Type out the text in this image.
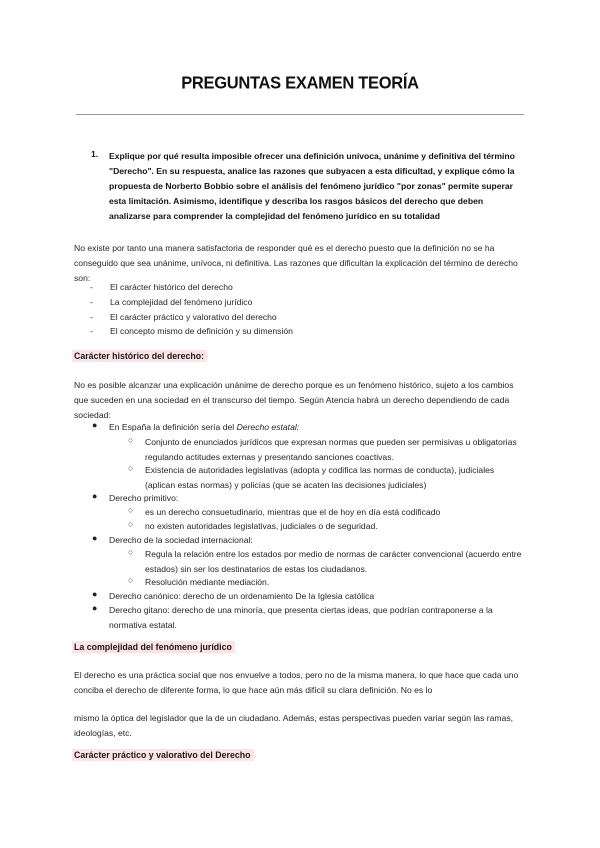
PREGUNTAS EXAMEN TEORÍA
1. Explique por qué resulta imposible ofrecer una definición unívoca, unánime y definitiva del término "Derecho". En su respuesta, analice las razones que subyacen a esta dificultad, y explique cómo la propuesta de Norberto Bobbio sobre el análisis del fenómeno jurídico "por zonas" permite superar esta limitación. Asimismo, identifique y describa los rasgos básicos del derecho que deben analizarse para comprender la complejidad del fenómeno jurídico en su totalidad
No existe por tanto una manera satisfactoria de responder qué es el derecho puesto que la definición no se ha conseguido que sea unánime, unívoca, ni definitiva. Las razones que dificultan la explicación del término de derecho son:
- El carácter histórico del derecho
- La complejidad del fenómeno jurídico
- El carácter práctico y valorativo del derecho
- El concepto mismo de definición y su dimensión
Carácter histórico del derecho:
No es posible alcanzar una explicación unánime de derecho porque es un fenómeno histórico, sujeto a los cambios que suceden en una sociedad en el transcurso del tiempo. Según Atencia habrá un derecho dependiendo de cada sociedad:
● En España la definición sería del Derecho estatal:
○ Conjunto de enunciados jurídicos que expresan normas que pueden ser permisivas u obligatorias regulando actitudes externas y presentando sanciones coactivas.
○ Existencia de autoridades legislativas (adopta y codifica las normas de conducta), judiciales (aplican estas normas) y policías (que se acaten las decisiones judiciales)
● Derecho primitivo:
○ es un derecho consuetudinario, mientras que el de hoy en día está codificado
○ no existen autoridades legislativas, judiciales o de seguridad.
● Derecho de la sociedad internacional:
○ Regula la relación entre los estados por medio de normas de carácter convencional (acuerdo entre estados) sin ser los destinatarios de estas los ciudadanos.
○ Resolución mediante mediación.
● Derecho canónico: derecho de un ordenamiento De la Iglesia católica
● Derecho gitano: derecho de una minoría, que presenta ciertas ideas, que podrían contraponerse a la normativa estatal.
La complejidad del fenómeno jurídico
El derecho es una práctica social que nos envuelve a todos, pero no de la misma manera, lo que hace que cada uno conciba el derecho de diferente forma, lo que hace aún más difícil su clara definición. No es lo
mismo la óptica del legislador que la de un ciudadano. Además, estas perspectivas pueden variar según las ramas, ideologías, etc.
Carácter práctico y valorativo del Derecho
